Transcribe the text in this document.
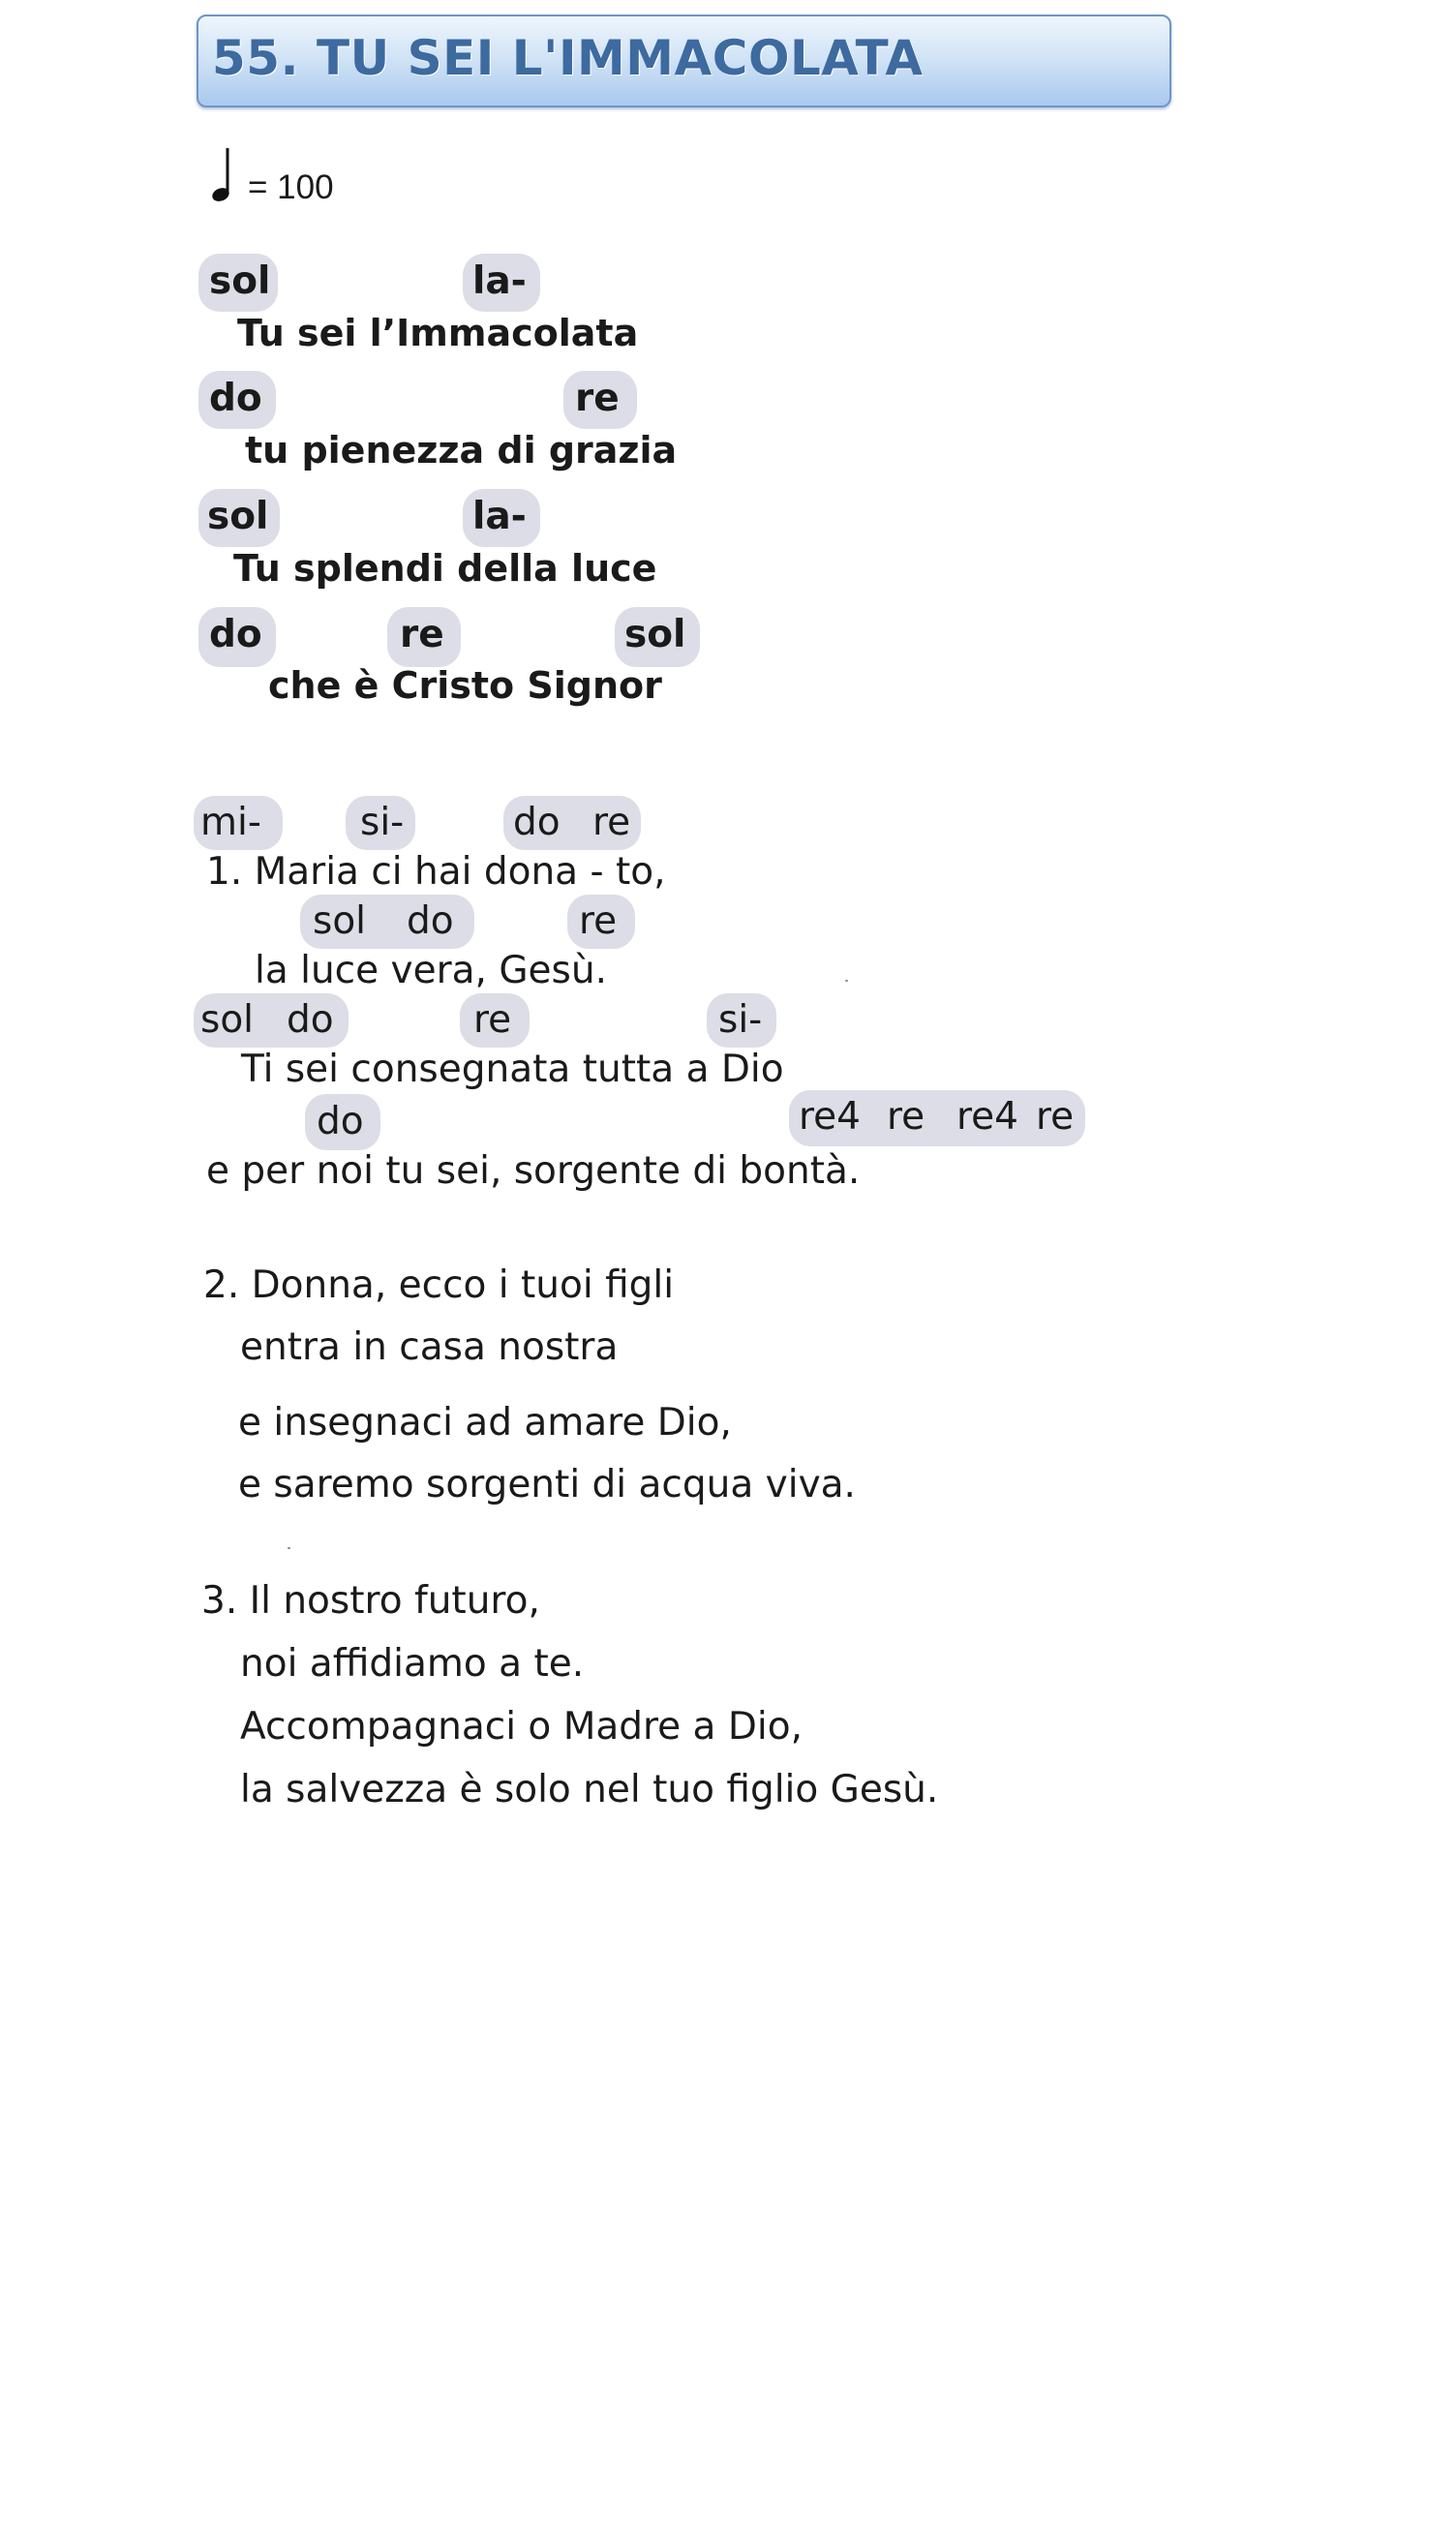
55. TU SEI L'IMMACOLATA
= 100
sol	la-
Tu sei l’Immacolata
do	re
tu pienezza di grazia
sol	la-
Tu splendi della luce
do	re	sol
che è Cristo Signor
mi-	si-	do re
1. Maria ci hai dona - to,
sol do	re
la luce vera, Gesù.
sol do	re	si-
Ti sei consegnata tutta a Dio
do	re4 re re4 re
e per noi tu sei, sorgente di bontà.
2. Donna, ecco i tuoi figli
entra in casa nostra
e insegnaci ad amare Dio,
e saremo sorgenti di acqua viva.
3. Il nostro futuro,
noi affidiamo a te.
Accompagnaci o Madre a Dio,
la salvezza è solo nel tuo figlio Gesù.
